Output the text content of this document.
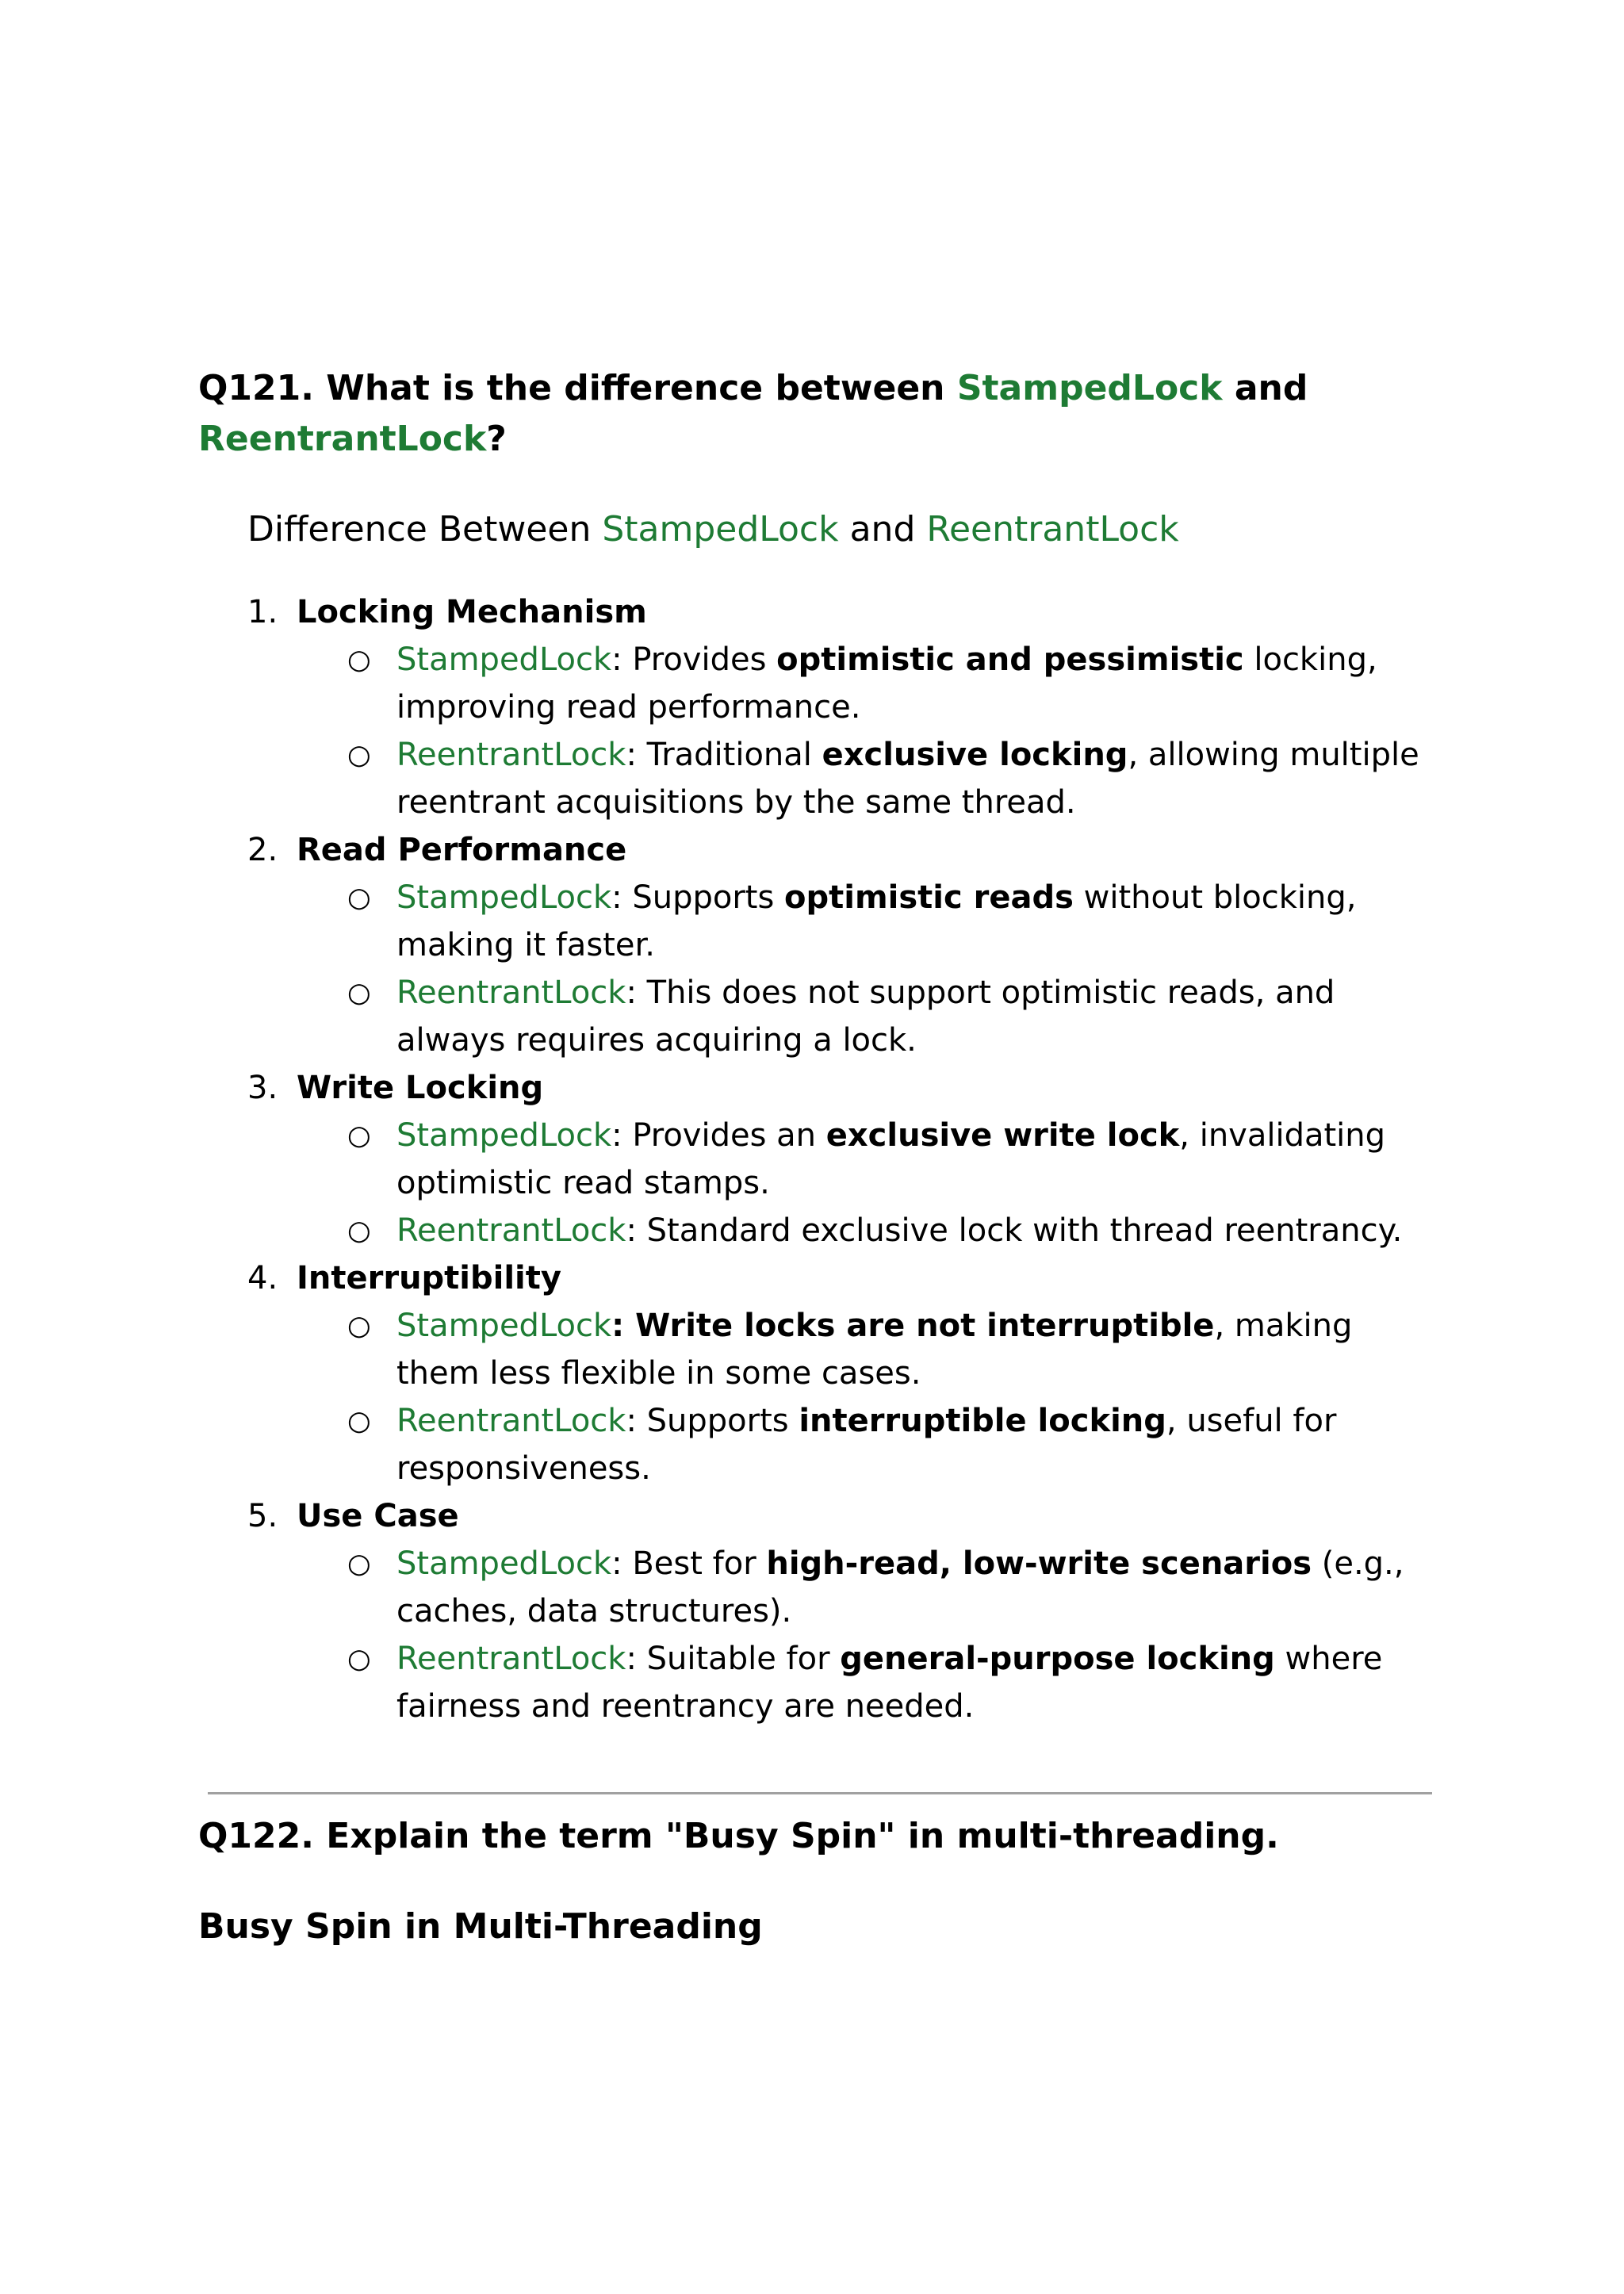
Q121. What is the difference between StampedLock and
ReentrantLock?
Difference Between StampedLock and ReentrantLock
1. Locking Mechanism
○ StampedLock: Provides optimistic and pessimistic locking, improving read performance.
○ ReentrantLock: Traditional exclusive locking, allowing multiple reentrant acquisitions by the same thread.
2. Read Performance
○ StampedLock: Supports optimistic reads without blocking, making it faster.
○ ReentrantLock: This does not support optimistic reads, and always requires acquiring a lock.
3. Write Locking
○ StampedLock: Provides an exclusive write lock, invalidating optimistic read stamps.
○ ReentrantLock: Standard exclusive lock with thread reentrancy.
4. Interruptibility
○ StampedLock: Write locks are not interruptible, making them less flexible in some cases.
○ ReentrantLock: Supports interruptible locking, useful for responsiveness.
5. Use Case
○ StampedLock: Best for high-read, low-write scenarios (e.g., caches, data structures).
○ ReentrantLock: Suitable for general-purpose locking where fairness and reentrancy are needed.
Q122. Explain the term "Busy Spin" in multi-threading.
Busy Spin in Multi-Threading
